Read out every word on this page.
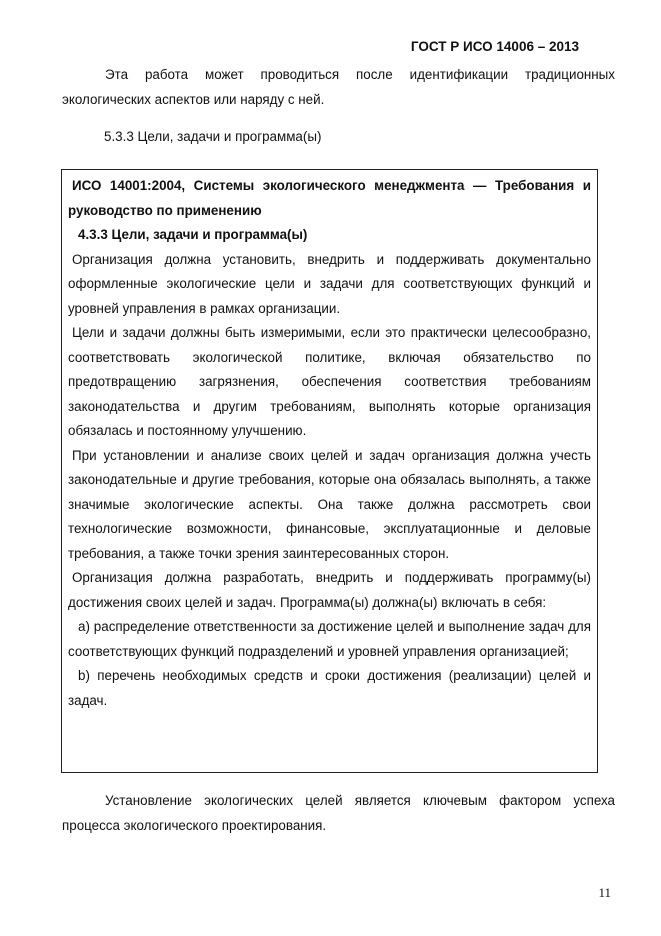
ГОСТ Р ИСО 14006 – 2013
Эта работа может проводиться после идентификации традиционных экологических аспектов или наряду с ней.
5.3.3 Цели, задачи и программа(ы)
ИСО 14001:2004, Системы экологического менеджмента — Требования и руководство по применению
4.3.3 Цели, задачи и программа(ы)
Организация должна установить, внедрить и поддерживать документально оформленные экологические цели и задачи для соответствующих функций и уровней управления в рамках организации.
Цели и задачи должны быть измеримыми, если это практически целесообразно, соответствовать экологической политике, включая обязательство по предотвращению загрязнения, обеспечения соответствия требованиям законодательства и другим требованиям, выполнять которые организация обязалась и постоянному улучшению.
При установлении и анализе своих целей и задач организация должна учесть законодательные и другие требования, которые она обязалась выполнять, а также значимые экологические аспекты. Она также должна рассмотреть свои технологические возможности, финансовые, эксплуатационные и деловые требования, а также точки зрения заинтересованных сторон.
Организация должна разработать, внедрить и поддерживать программу(ы) достижения своих целей и задач. Программа(ы) должна(ы) включать в себя:
a) распределение ответственности за достижение целей и выполнение задач для соответствующих функций подразделений и уровней управления организацией;
b) перечень необходимых средств и сроки достижения (реализации) целей и задач.
Установление экологических целей является ключевым фактором успеха процесса экологического проектирования.
11
